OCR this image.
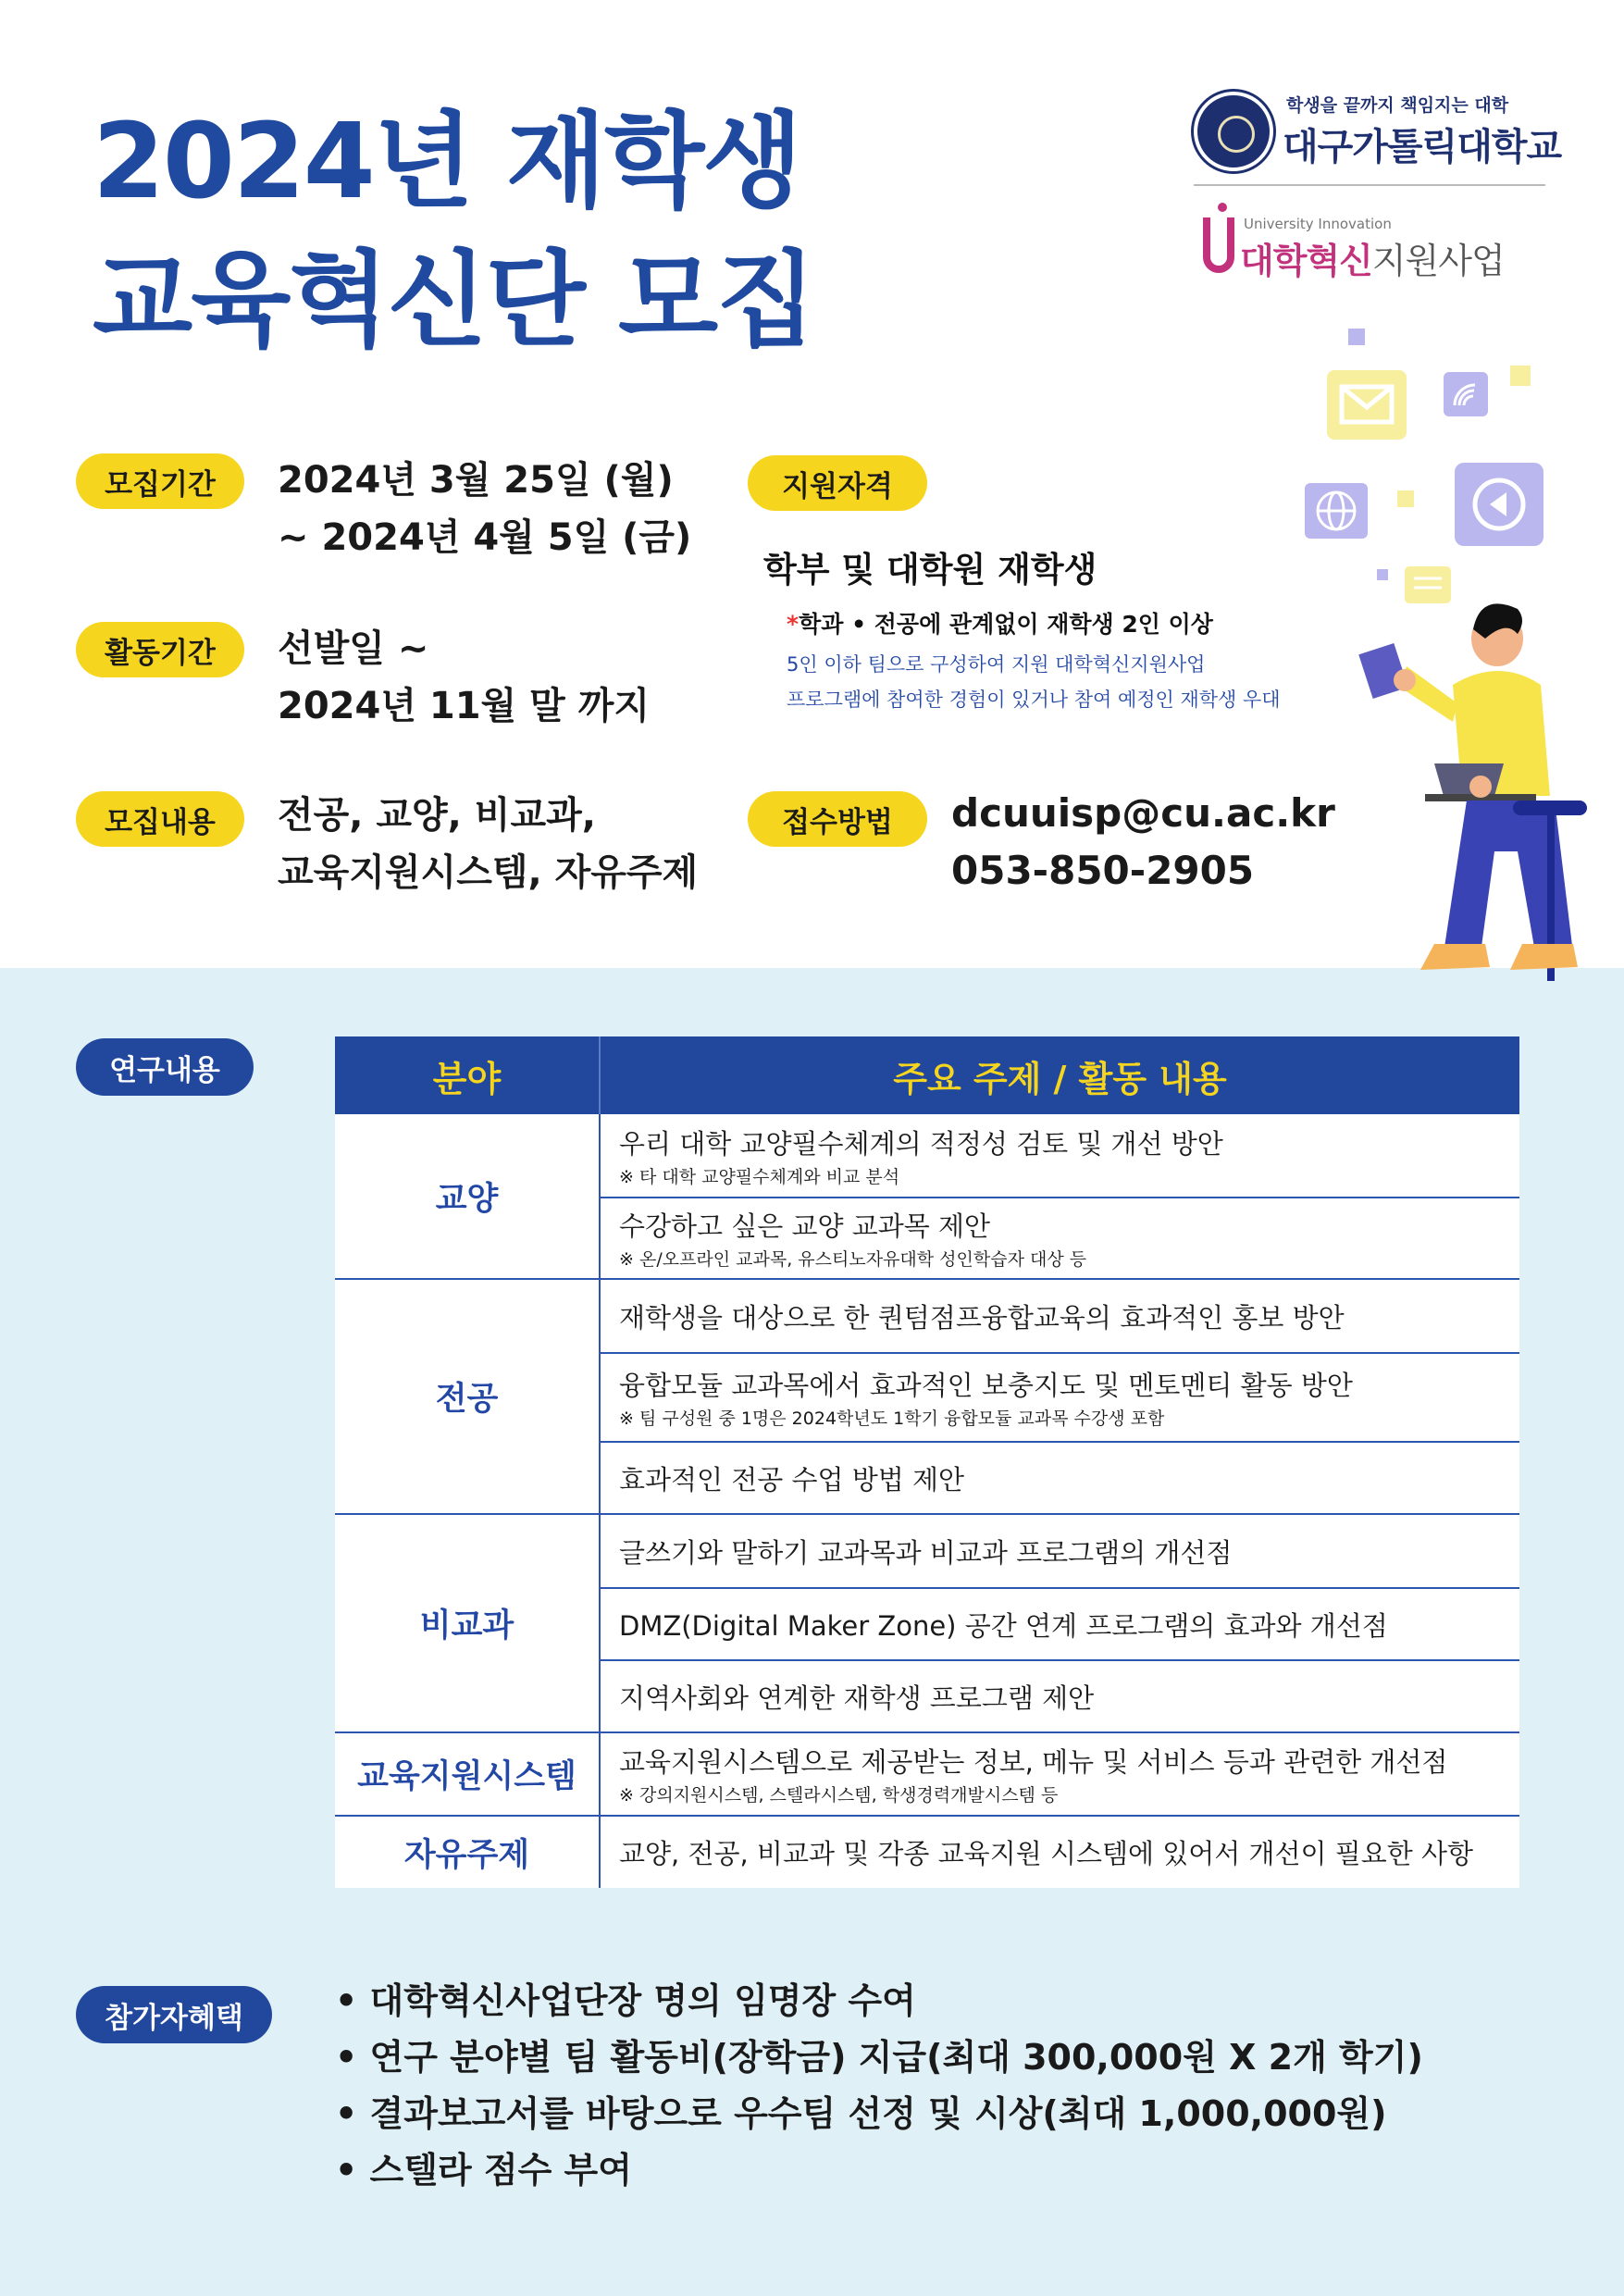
2024년 재학생
교육혁신단 모집
학생을 끝까지 책임지는 대학
대구가톨릭대학교
University Innovation
대학혁신지원사업
모집기간	2024년 3월 25일 (월)
~ 2024년 4월 5일 (금)
활동기간	선발일 ~
2024년 11월 말 까지
모집내용	전공, 교양, 비교과,
교육지원시스템, 자유주제
지원자격
학부 및 대학원 재학생
*학과 • 전공에 관계없이 재학생 2인 이상
5인 이하 팀으로 구성하여 지원 대학혁신지원사업
프로그램에 참여한 경험이 있거나 참여 예정인 재학생 우대
접수방법	dcuuisp@cu.ac.kr
053-850-2905
연구내용	분야	주요 주제 / 활동 내용
교양	우리 대학 교양필수체계의 적정성 검토 및 개선 방안
※ 타 대학 교양필수체계와 비교 분석

	수강하고 싶은 교양 교과목 제안
※ 온/오프라인 교과목, 유스티노자유대학 성인학습자 대상 등

전공	재학생을 대상으로 한 퀀텀점프융합교육의 효과적인 홍보 방안
	융합모듈 교과목에서 효과적인 보충지도 및 멘토멘티 활동 방안
※ 팀 구성원 중 1명은 2024학년도 1학기 융합모듈 교과목 수강생 포함

	효과적인 전공 수업 방법 제안
비교과	글쓰기와 말하기 교과목과 비교과 프로그램의 개선점
	DMZ(Digital Maker Zone) 공간 연계 프로그램의 효과와 개선점
	지역사회와 연계한 재학생 프로그램 제안
교육지원시스템	교육지원시스템으로 제공받는 정보, 메뉴 및 서비스 등과 관련한 개선점
※ 강의지원시스템, 스텔라시스템, 학생경력개발시스템 등

자유주제	교양, 전공, 비교과 및 각종 교육지원 시스템에 있어서 개선이 필요한 사항
참가자혜택	• 대학혁신사업단장 명의 임명장 수여
• 연구 분야별 팀 활동비(장학금) 지급(최대 300,000원 X 2개 학기)
• 결과보고서를 바탕으로 우수팀 선정 및 시상(최대 1,000,000원)
• 스텔라 점수 부여
